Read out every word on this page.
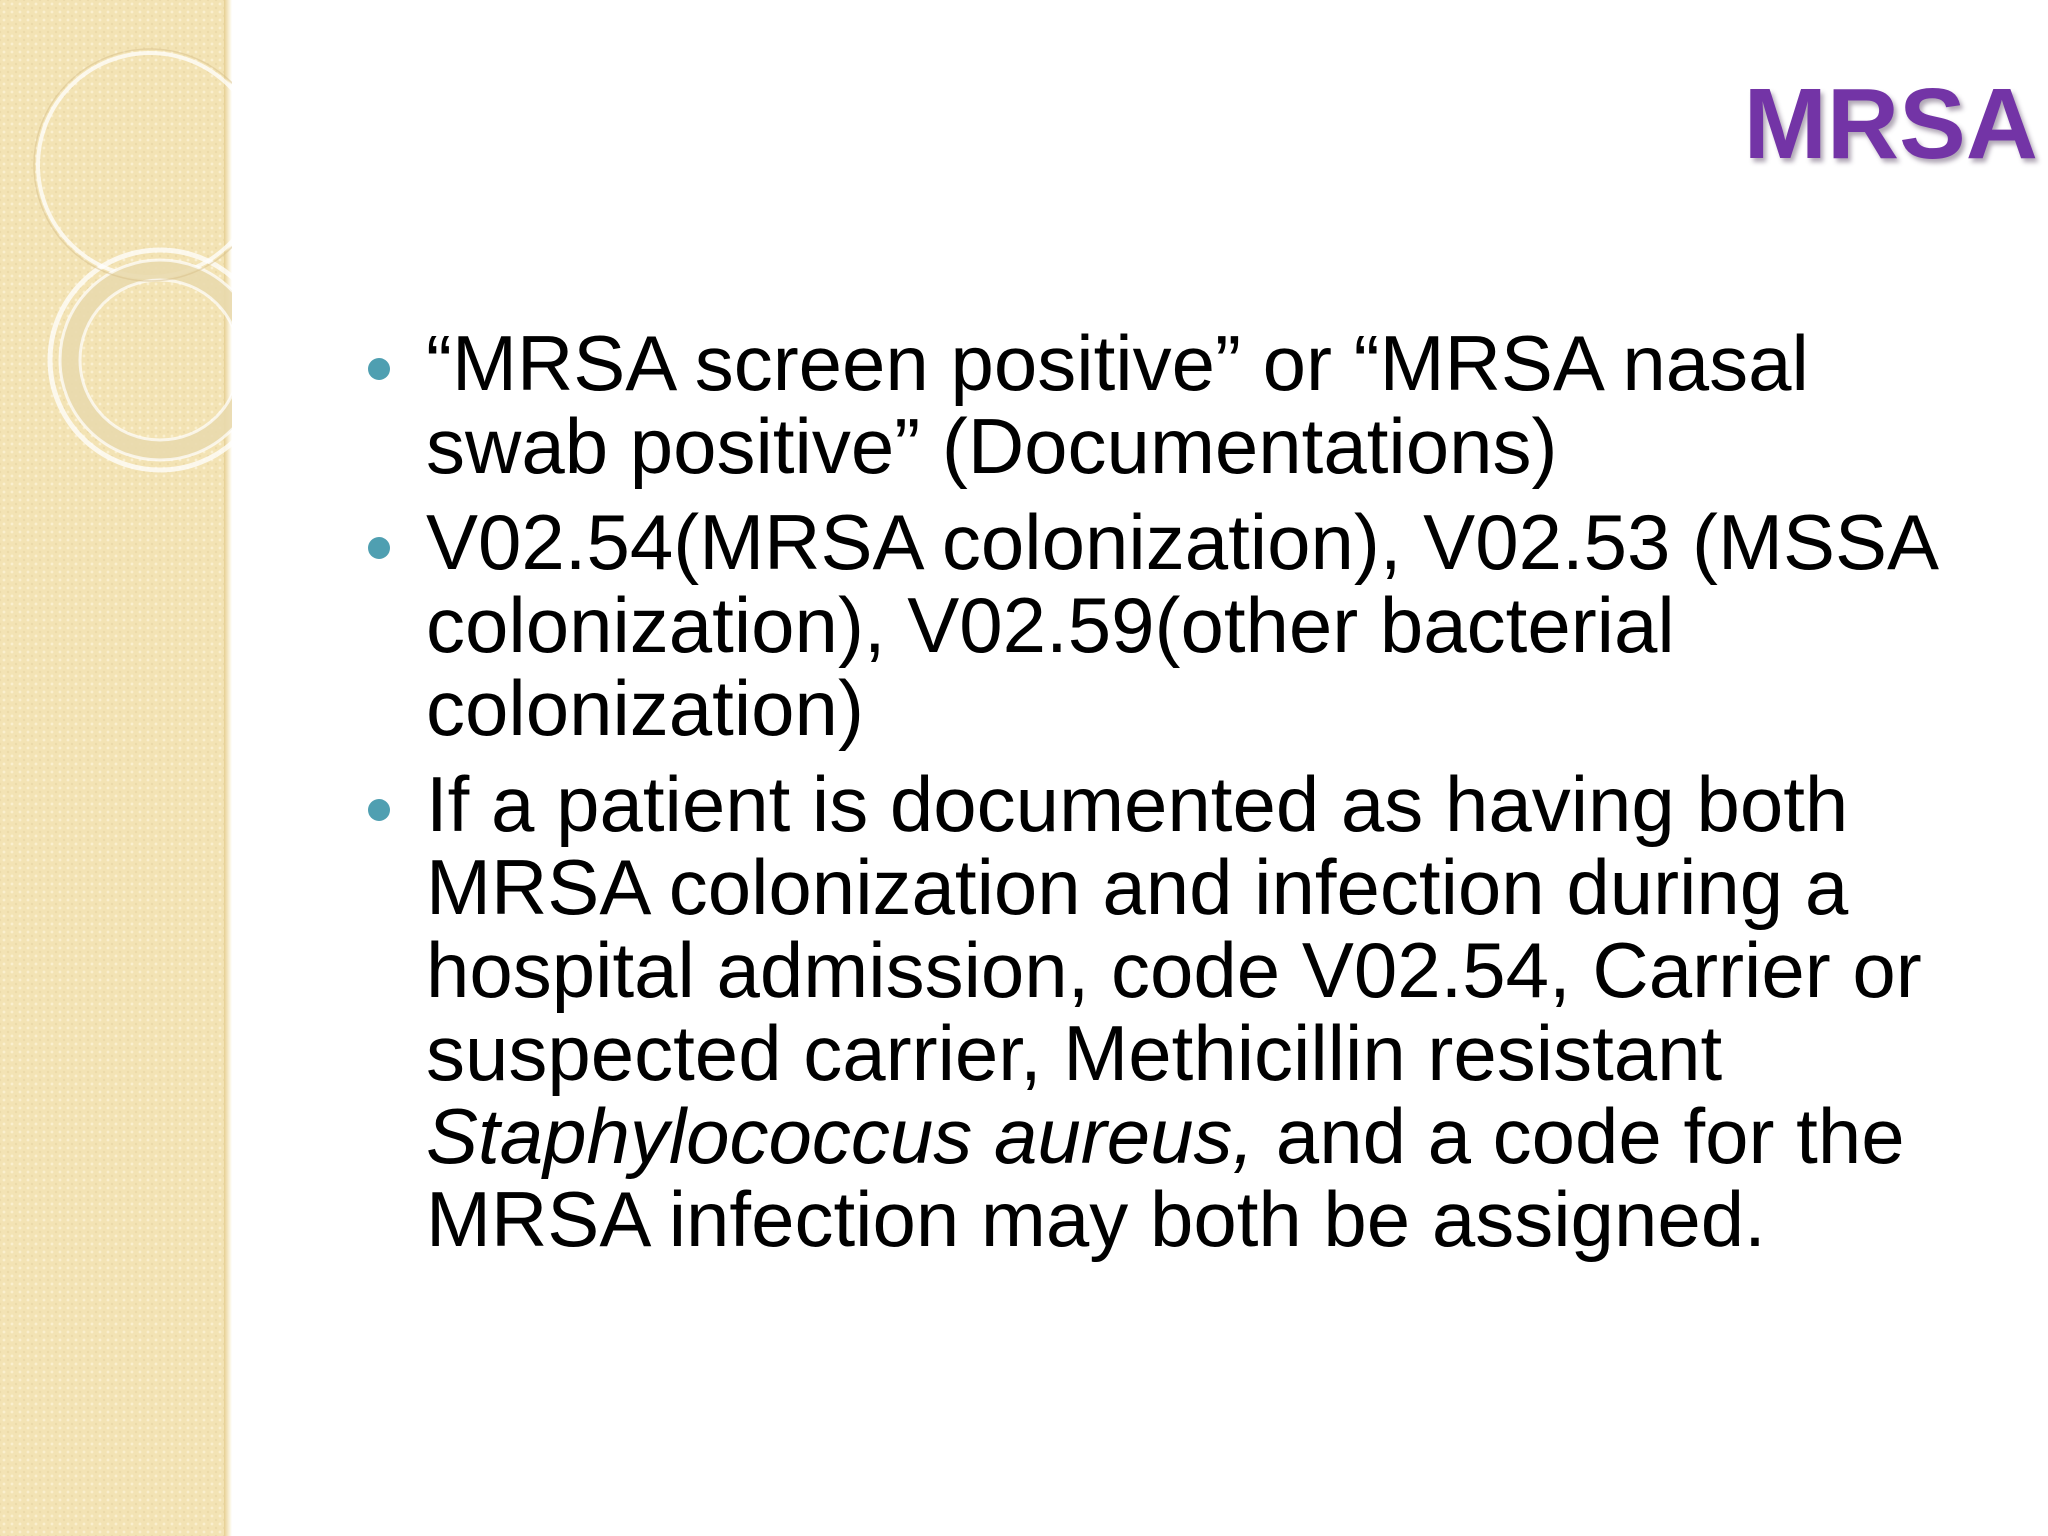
MRSA
“MRSA screen positive” or “MRSA nasal swab positive” (Documentations)
V02.54(MRSA colonization), V02.53 (MSSA colonization), V02.59(other bacterial colonization)
If a patient is documented as having both MRSA colonization and infection during a hospital admission, code V02.54, Carrier or suspected carrier, Methicillin resistant Staphylococcus aureus, and a code for the MRSA infection may both be assigned.
